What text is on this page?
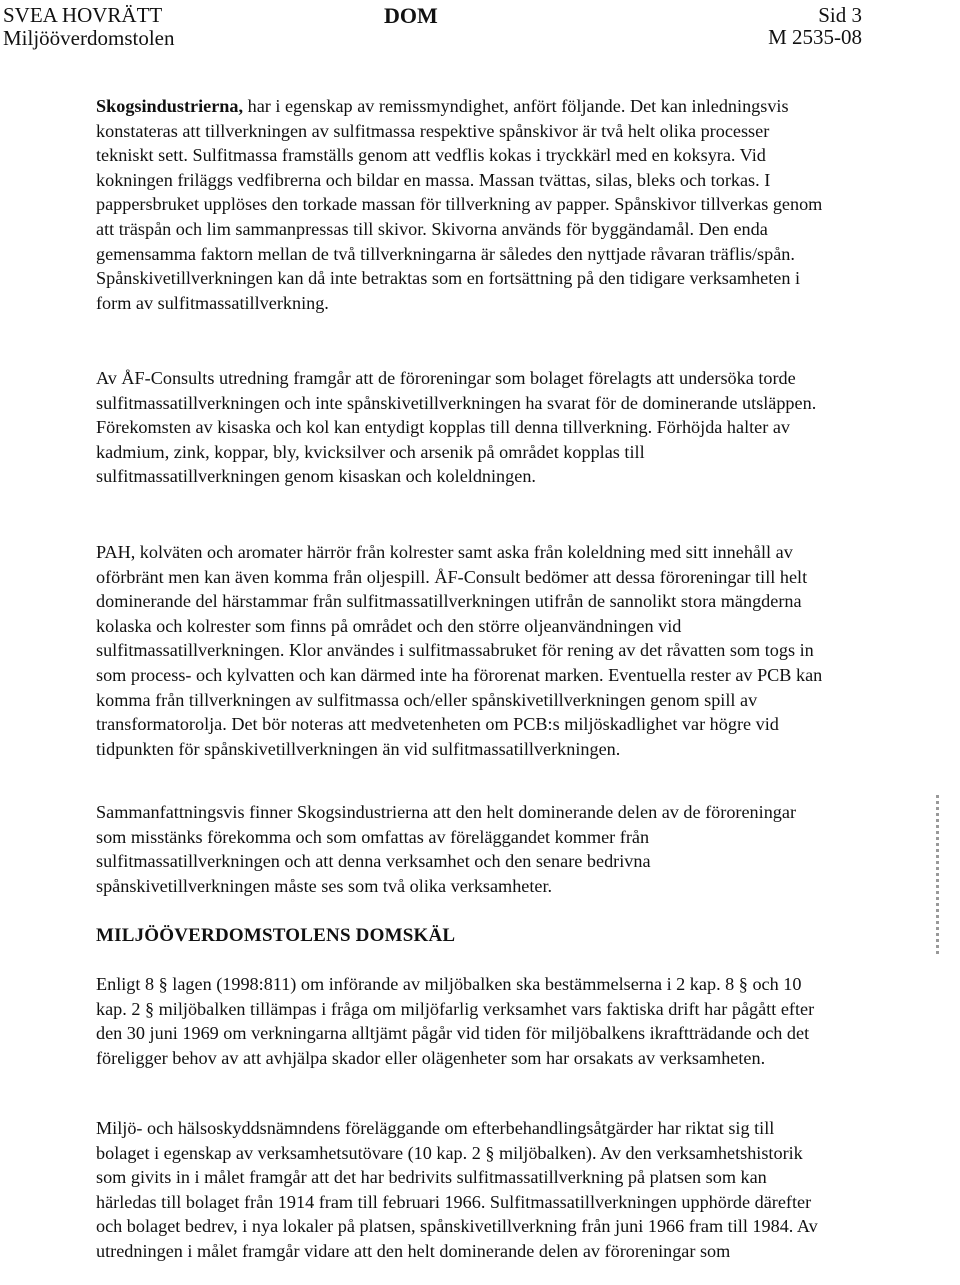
SVEA HOVRÄTT
Miljööverdomstolen
DOM	Sid 3
M 2535-08

Skogsindustrierna, har i egenskap av remissmyndighet, anfört följande. Det kan inledningsvis konstateras att tillverkningen av sulfitmassa respektive spånskivor är två helt olika processer tekniskt sett. Sulfitmassa framställs genom att vedflis kokas i tryckkärl med en koksyra. Vid kokningen friläggs vedfibrerna och bildar en massa. Massan tvättas, silas, bleks och torkas. I pappersbruket upplöses den torkade massan för tillverkning av papper. Spånskivor tillverkas genom att träspån och lim sammanpressas till skivor. Skivorna används för byggändamål. Den enda gemensamma faktorn mellan de två tillverkningarna är således den nyttjade råvaran träflis/spån. Spånskivetillverkningen kan då inte betraktas som en fortsättning på den tidigare verksamheten i form av sulfitmassatillverkning.

Av ÅF-Consults utredning framgår att de föroreningar som bolaget förelagts att undersöka torde sulfitmassatillverkningen och inte spånskivetillverkningen ha svarat för de dominerande utsläppen. Förekomsten av kisaska och kol kan entydigt kopplas till denna tillverkning. Förhöjda halter av kadmium, zink, koppar, bly, kvicksilver och arsenik på området kopplas till sulfitmassatillverkningen genom kisaskan och koleldningen.

PAH, kolväten och aromater härrör från kolrester samt aska från koleldning med sitt innehåll av oförbränt men kan även komma från oljespill. ÅF-Consult bedömer att dessa föroreningar till helt dominerande del härstammar från sulfitmassatillverkningen utifrån de sannolikt stora mängderna kolaska och kolrester som finns på området och den större oljeanvändningen vid sulfitmassatillverkningen. Klor användes i sulfitmassabruket för rening av det råvatten som togs in som process- och kylvatten och kan därmed inte ha förorenat marken. Eventuella rester av PCB kan komma från tillverkningen av sulfitmassa och/eller spånskivetillverkningen genom spill av transformatorolja. Det bör noteras att medvetenheten om PCB:s miljöskadlighet var högre vid tidpunkten för spånskivetillverkningen än vid sulfitmassatillverkningen.

Sammanfattningsvis finner Skogsindustrierna att den helt dominerande delen av de föroreningar som misstänks förekomma och som omfattas av föreläggandet kommer från sulfitmassatillverkningen och att denna verksamhet och den senare bedrivna spånskivetillverkningen måste ses som två olika verksamheter.

MILJÖÖVERDOMSTOLENS DOMSKÄL

Enligt 8 § lagen (1998:811) om införande av miljöbalken ska bestämmelserna i 2 kap. 8 § och 10 kap. 2 § miljöbalken tillämpas i fråga om miljöfarlig verksamhet vars faktiska drift har pågått efter den 30 juni 1969 om verkningarna alltjämt pågår vid tiden för miljöbalkens ikraftträdande och det föreligger behov av att avhjälpa skador eller olägenheter som har orsakats av verksamheten.

Miljö- och hälsoskyddsnämndens föreläggande om efterbehandlingsåtgärder har riktat sig till bolaget i egenskap av verksamhetsutövare (10 kap. 2 § miljöbalken). Av den verksamhetshistorik som givits in i målet framgår att det har bedrivits sulfitmassatillverkning på platsen som kan härledas till bolaget från 1914 fram till februari 1966. Sulfitmassatillverkningen upphörde därefter och bolaget bedrev, i nya lokaler på platsen, spånskivetillverkning från juni 1966 fram till 1984. Av utredningen i målet framgår vidare att den helt dominerande delen av föroreningar som
